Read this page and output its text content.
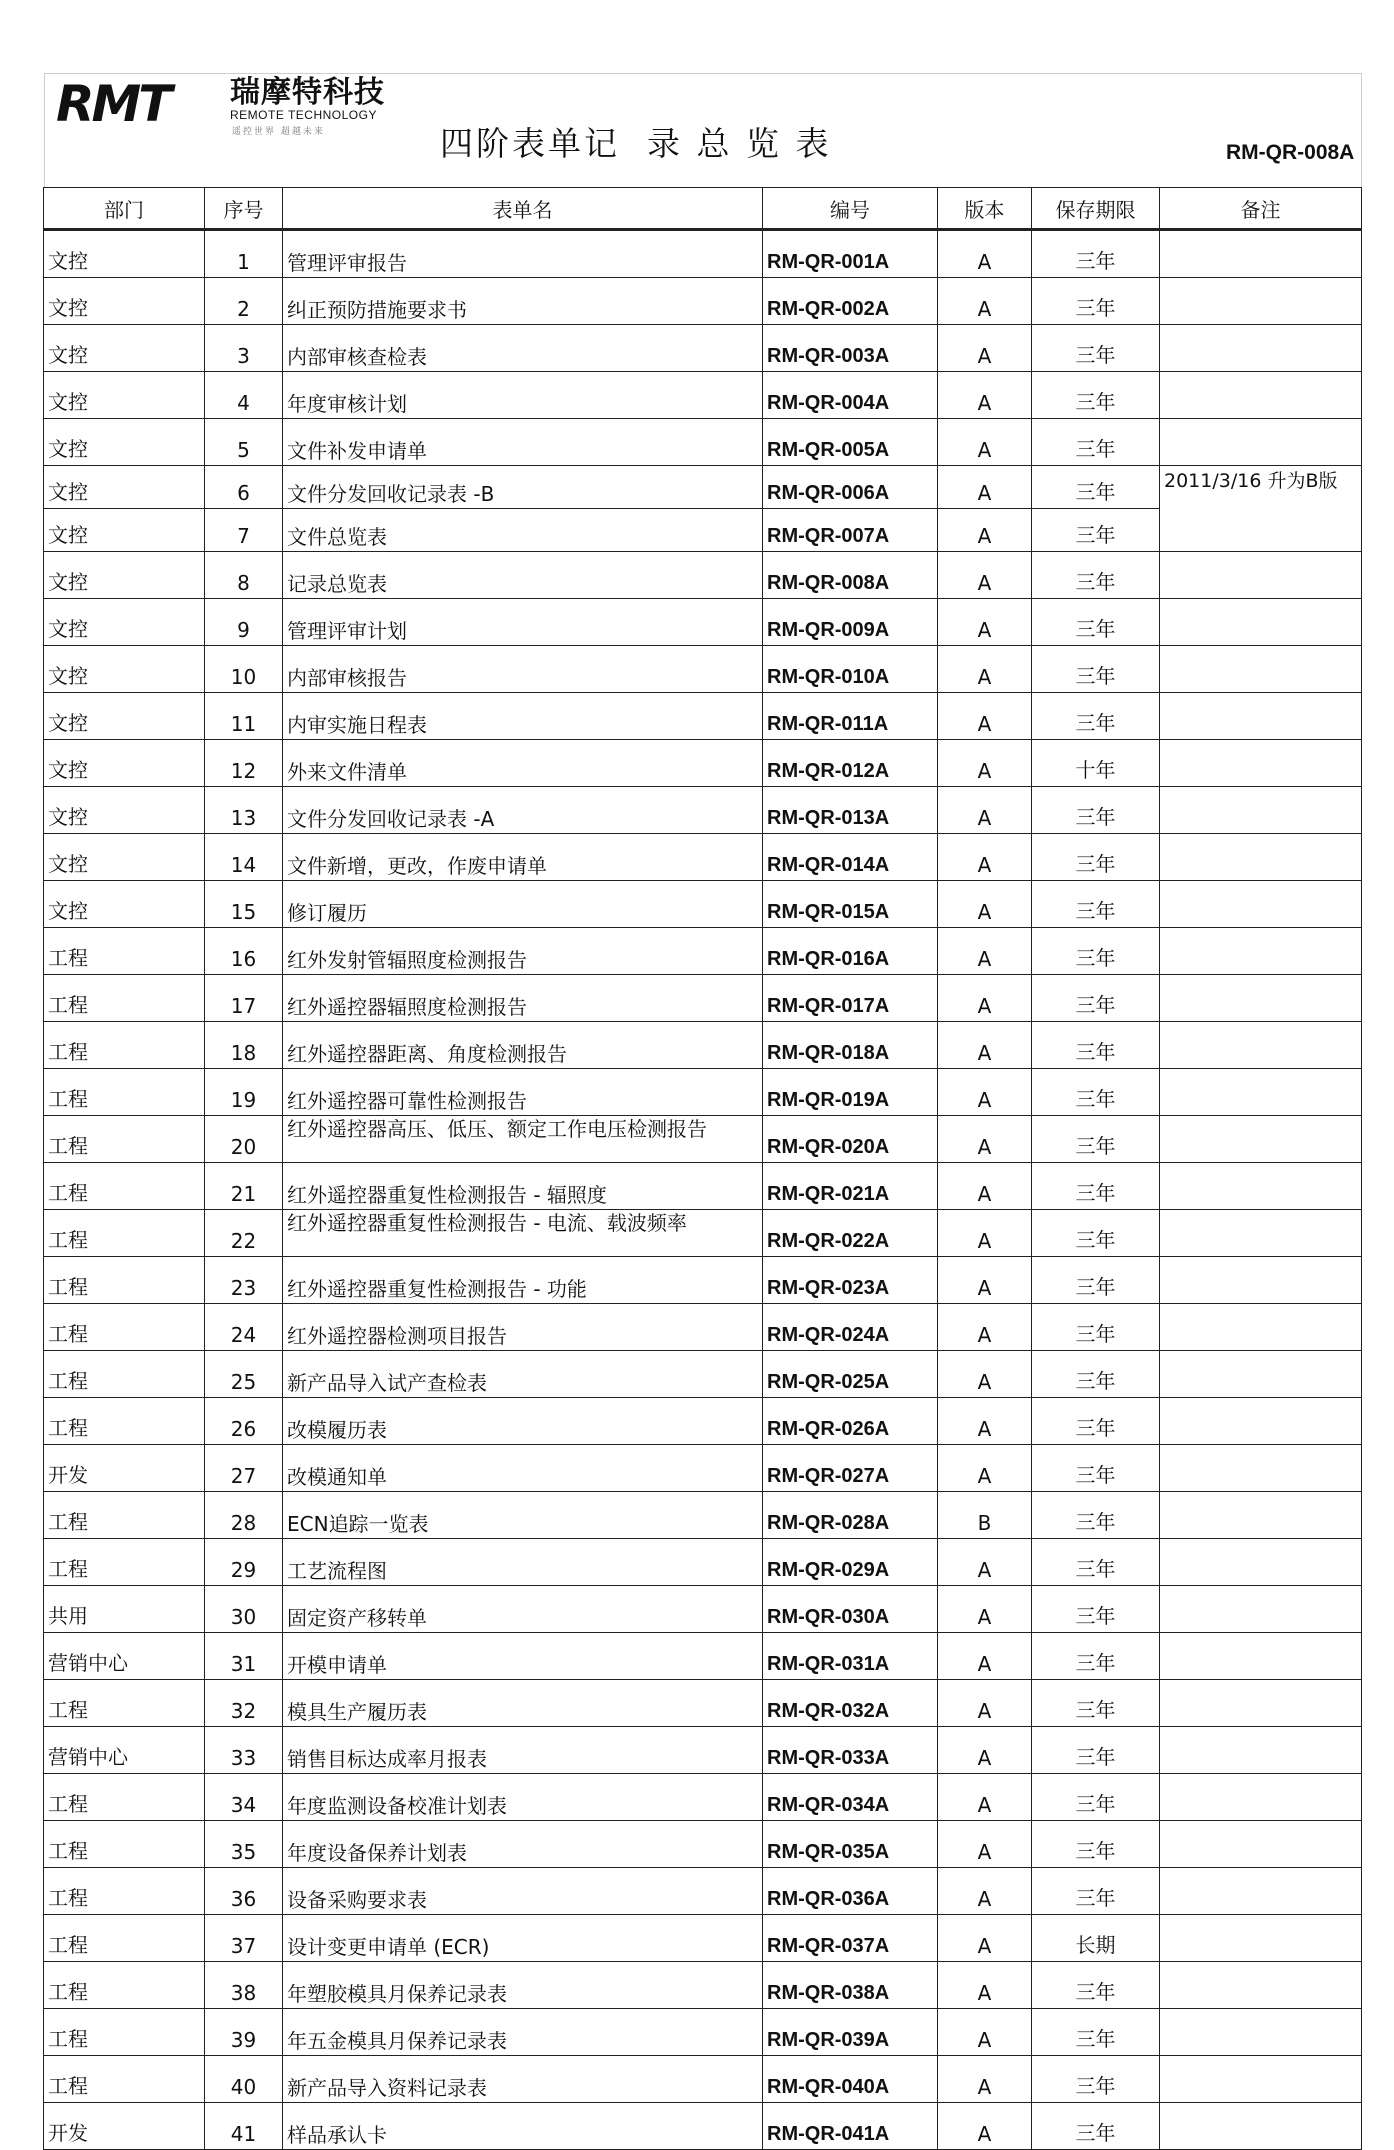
RMT 瑞摩特科技
REMOTE TECHNOLOGY
遥控世界 超越未来	四阶表单记  录 总 览 表	RM-QR-008A
部门	序号	表单名	编号	版本	保存期限	备注
文控	1	管理评审报告	RM-QR-001A	A	三年	
文控	2	纠正预防措施要求书	RM-QR-002A	A	三年	
文控	3	内部审核查检表	RM-QR-003A	A	三年	
文控	4	年度审核计划	RM-QR-004A	A	三年	
文控	5	文件补发申请单	RM-QR-005A	A	三年	
文控	6	文件分发回收记录表 -B	RM-QR-006A	A	三年	2011/3/16 升为B版
文控	7	文件总览表	RM-QR-007A	A	三年	
文控	8	记录总览表	RM-QR-008A	A	三年	
文控	9	管理评审计划	RM-QR-009A	A	三年	
文控	10	内部审核报告	RM-QR-010A	A	三年	
文控	11	内审实施日程表	RM-QR-011A	A	三年	
文控	12	外来文件清单	RM-QR-012A	A	十年	
文控	13	文件分发回收记录表 -A	RM-QR-013A	A	三年	
文控	14	文件新增，更改，作废申请单	RM-QR-014A	A	三年	
文控	15	修订履历	RM-QR-015A	A	三年	
工程	16	红外发射管辐照度检测报告	RM-QR-016A	A	三年	
工程	17	红外遥控器辐照度检测报告	RM-QR-017A	A	三年	
工程	18	红外遥控器距离、角度检测报告	RM-QR-018A	A	三年	
工程	19	红外遥控器可靠性检测报告	RM-QR-019A	A	三年	
工程	20	红外遥控器高压、低压、额定工作电压检测报告	RM-QR-020A	A	三年	
工程	21	红外遥控器重复性检测报告 - 辐照度	RM-QR-021A	A	三年	
工程	22	红外遥控器重复性检测报告 - 电流、载波频率	RM-QR-022A	A	三年	
工程	23	红外遥控器重复性检测报告 - 功能	RM-QR-023A	A	三年	
工程	24	红外遥控器检测项目报告	RM-QR-024A	A	三年	
工程	25	新产品导入试产查检表	RM-QR-025A	A	三年	
工程	26	改模履历表	RM-QR-026A	A	三年	
开发	27	改模通知单	RM-QR-027A	A	三年	
工程	28	ECN追踪一览表	RM-QR-028A	B	三年	
工程	29	工艺流程图	RM-QR-029A	A	三年	
共用	30	固定资产移转单	RM-QR-030A	A	三年	
营销中心	31	开模申请单	RM-QR-031A	A	三年	
工程	32	模具生产履历表	RM-QR-032A	A	三年	
营销中心	33	销售目标达成率月报表	RM-QR-033A	A	三年	
工程	34	年度监测设备校准计划表	RM-QR-034A	A	三年	
工程	35	年度设备保养计划表	RM-QR-035A	A	三年	
工程	36	设备采购要求表	RM-QR-036A	A	三年	
工程	37	设计变更申请单 (ECR)	RM-QR-037A	A	长期	
工程	38	年塑胶模具月保养记录表	RM-QR-038A	A	三年	
工程	39	年五金模具月保养记录表	RM-QR-039A	A	三年	
工程	40	新产品导入资料记录表	RM-QR-040A	A	三年	
开发	41	样品承认卡	RM-QR-041A	A	三年	
